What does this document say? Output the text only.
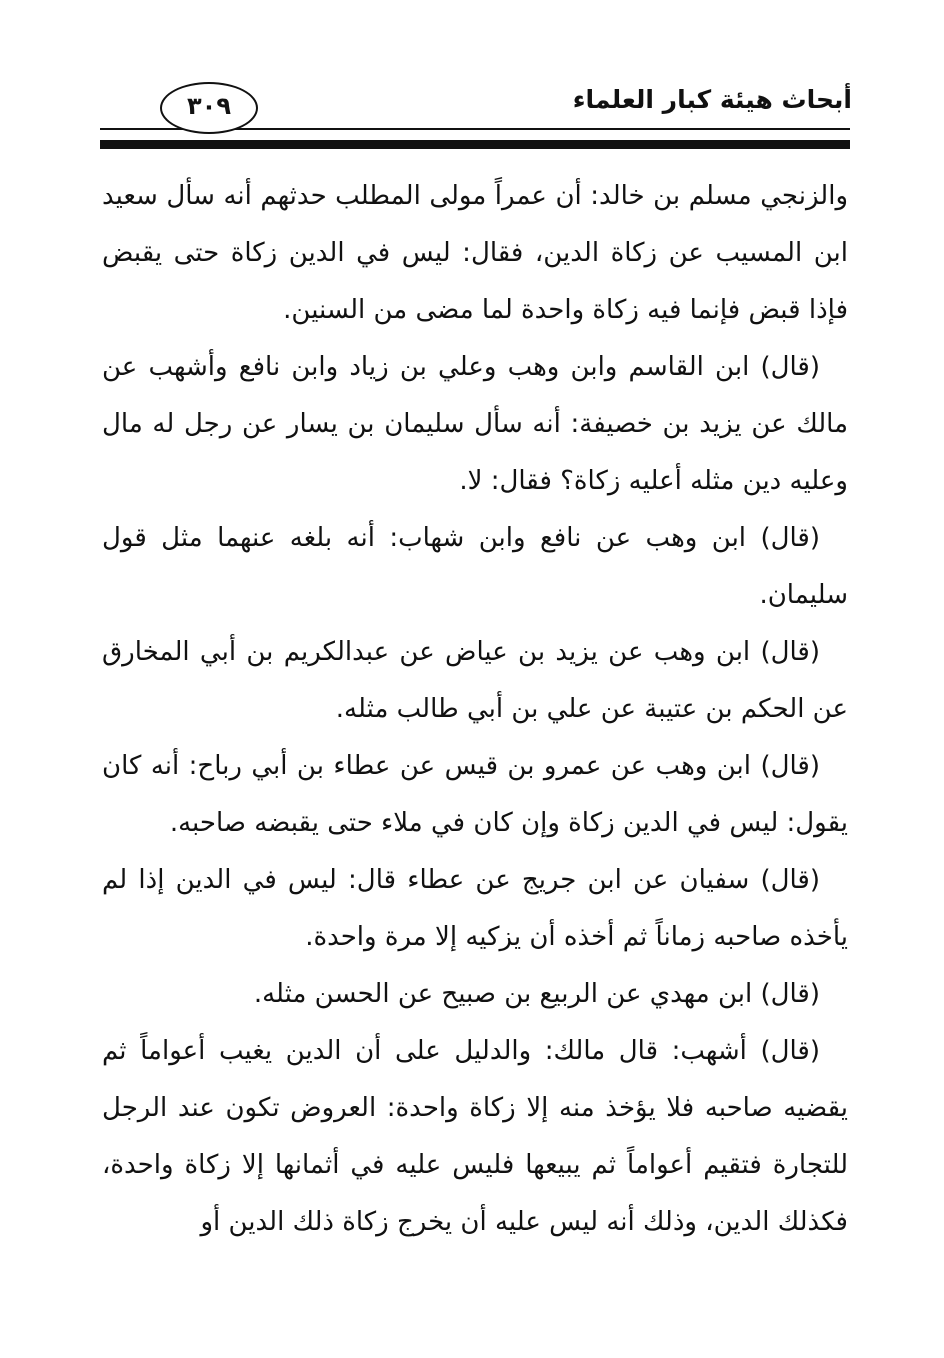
أبحاث هيئة كبار العلماء
٣٠٩

والزنجي مسلم بن خالد: أن عمراً مولى المطلب حدثهم أنه سأل سعيد ابن المسيب عن زكاة الدين، فقال: ليس في الدين زكاة حتى يقبض فإذا قبض فإنما فيه زكاة واحدة لما مضى من السنين.

(قال) ابن القاسم وابن وهب وعلي بن زياد وابن نافع وأشهب عن مالك عن يزيد بن خصيفة: أنه سأل سليمان بن يسار عن رجل له مال وعليه دين مثله أعليه زكاة؟ فقال: لا.

(قال) ابن وهب عن نافع وابن شهاب: أنه بلغه عنهما مثل قول سليمان.

(قال) ابن وهب عن يزيد بن عياض عن عبدالكريم بن أبي المخارق عن الحكم بن عتيبة عن علي بن أبي طالب مثله.

(قال) ابن وهب عن عمرو بن قيس عن عطاء بن أبي رباح: أنه كان يقول: ليس في الدين زكاة وإن كان في ملاء حتى يقبضه صاحبه.

(قال) سفيان عن ابن جريج عن عطاء قال: ليس في الدين إذا لم يأخذه صاحبه زماناً ثم أخذه أن يزكيه إلا مرة واحدة.

(قال) ابن مهدي عن الربيع بن صبيح عن الحسن مثله.

(قال) أشهب: قال مالك: والدليل على أن الدين يغيب أعواماً ثم يقضيه صاحبه فلا يؤخذ منه إلا زكاة واحدة: العروض تكون عند الرجل للتجارة فتقيم أعواماً ثم يبيعها فليس عليه في أثمانها إلا زكاة واحدة، فكذلك الدين، وذلك أنه ليس عليه أن يخرج زكاة ذلك الدين أو
